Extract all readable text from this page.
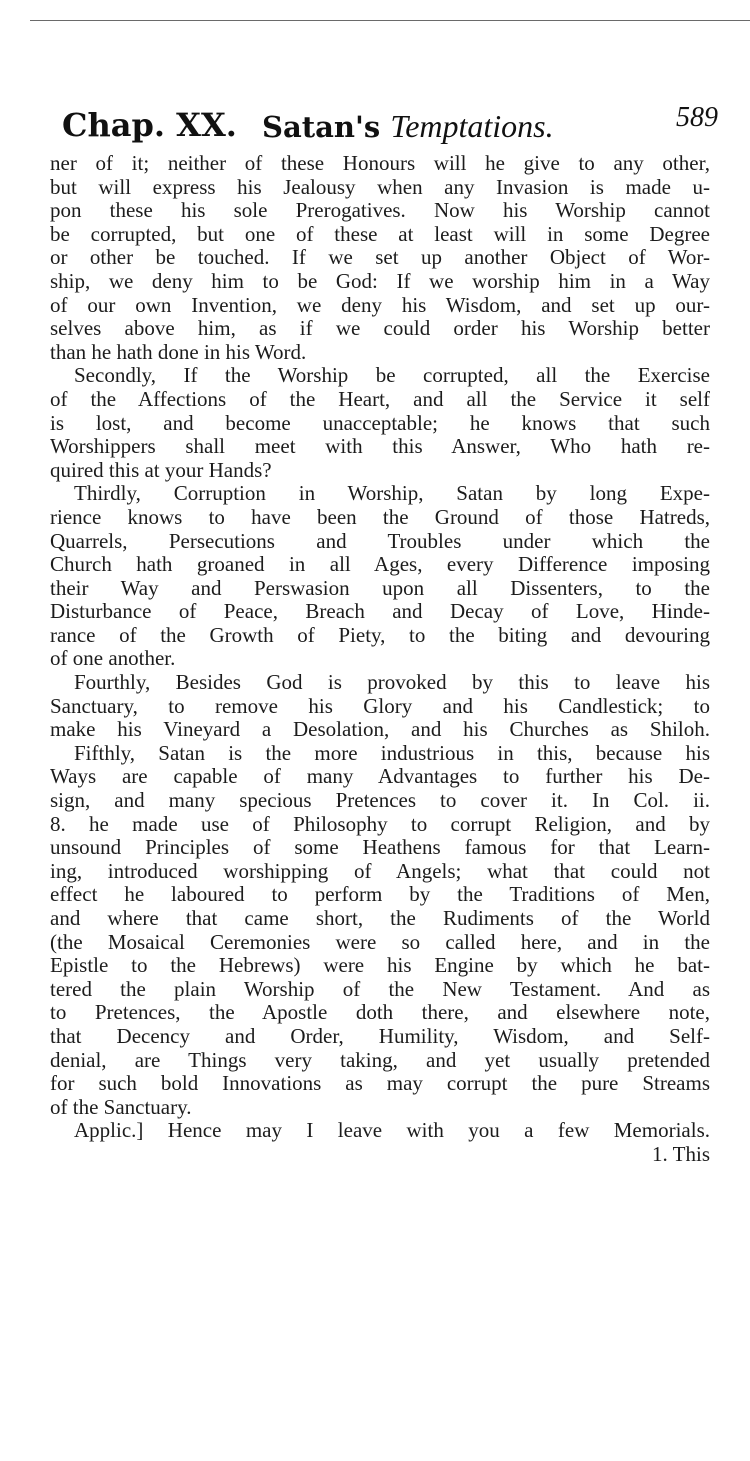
Chap. XX. Satan's Temptations.	589
ner of it; neither of these Honours will he give to any other,
but will express his Jealousy when any Invasion is made u-
pon these his sole Prerogatives. Now his Worship cannot
be corrupted, but one of these at least will in some Degree
or other be touched. If we set up another Object of Wor-
ship, we deny him to be God: If we worship him in a Way
of our own Invention, we deny his Wisdom, and set up our-
selves above him, as if we could order his Worship better
than he hath done in his Word.
Secondly, If the Worship be corrupted, all the Exercise
of the Affections of the Heart, and all the Service it self
is lost, and become unacceptable; he knows that such
Worshippers shall meet with this Answer, Who hath re-
quired this at your Hands?
Thirdly, Corruption in Worship, Satan by long Expe-
rience knows to have been the Ground of those Hatreds,
Quarrels, Persecutions and Troubles under which the
Church hath groaned in all Ages, every Difference imposing
their Way and Perswasion upon all Dissenters, to the
Disturbance of Peace, Breach and Decay of Love, Hinde-
rance of the Growth of Piety, to the biting and devouring
of one another.
Fourthly, Besides God is provoked by this to leave his
Sanctuary, to remove his Glory and his Candlestick; to
make his Vineyard a Desolation, and his Churches as Shiloh.
Fifthly, Satan is the more industrious in this, because his
Ways are capable of many Advantages to further his De-
sign, and many specious Pretences to cover it. In Col. ii.
8. he made use of Philosophy to corrupt Religion, and by
unsound Principles of some Heathens famous for that Learn-
ing, introduced worshipping of Angels; what that could not
effect he laboured to perform by the Traditions of Men,
and where that came short, the Rudiments of the World
(the Mosaical Ceremonies were so called here, and in the
Epistle to the Hebrews) were his Engine by which he bat-
tered the plain Worship of the New Testament. And as
to Pretences, the Apostle doth there, and elsewhere note,
that Decency and Order, Humility, Wisdom, and Self-
denial, are Things very taking, and yet usually pretended
for such bold Innovations as may corrupt the pure Streams
of the Sanctuary.
Applic.] Hence may I leave with you a few Memorials.
1. This
